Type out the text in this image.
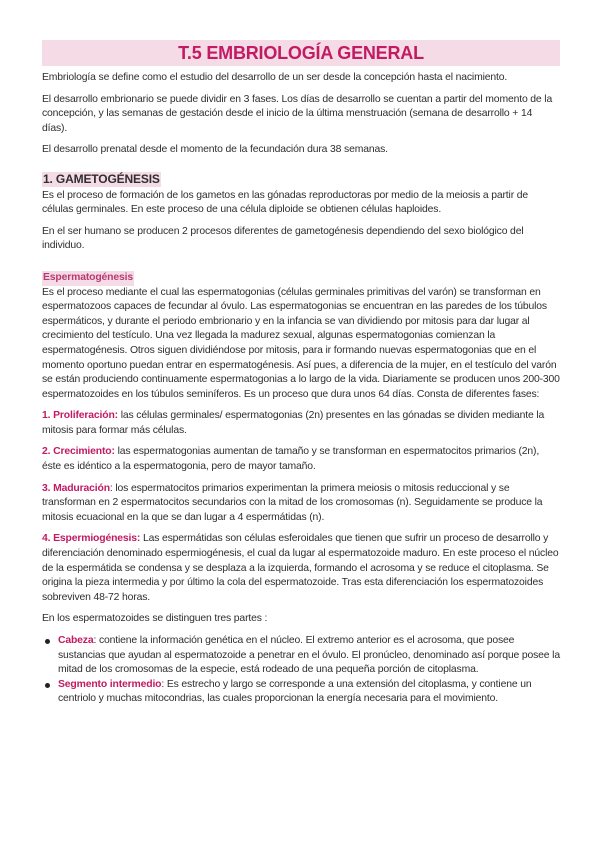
T.5 EMBRIOLOGÍA GENERAL

Embriología se define como el estudio del desarrollo de un ser desde la concepción hasta el nacimiento.

El desarrollo embrionario se puede dividir en 3 fases. Los días de desarrollo se cuentan a partir del momento de la concepción, y las semanas de gestación desde el inicio de la última menstruación (semana de desarrollo + 14 días).

El desarrollo prenatal desde el momento de la fecundación dura 38 semanas.

1. GAMETOGÉNESIS

Es el proceso de formación de los gametos en las gónadas reproductoras por medio de la meiosis a partir de células germinales. En este proceso de una célula diploide se obtienen células haploides.

En el ser humano se producen 2 procesos diferentes de gametogénesis dependiendo del sexo biológico del individuo.

Espermatogénesis

Es el proceso mediante el cual las espermatogonias (células germinales primitivas del varón) se transforman en espermatozoos capaces de fecundar al óvulo. Las espermatogonias se encuentran en las paredes de los túbulos espermáticos, y durante el periodo embrionario y en la infancia se van dividiendo por mitosis para dar lugar al crecimiento del testículo. Una vez llegada la madurez sexual, algunas espermatogonias comienzan la espermatogénesis. Otros siguen dividiéndose por mitosis, para ir formando nuevas espermatogonias que en el momento oportuno puedan entrar en espermatogénesis. Así pues, a diferencia de la mujer, en el testículo del varón se están produciendo continuamente espermatogonias a lo largo de la vida. Diariamente se producen unos 200-300 espermatozoides en los túbulos seminíferos. Es un proceso que dura unos 64 días. Consta de diferentes fases:

1. Proliferación: las células germinales/ espermatogonias (2n) presentes en las gónadas se dividen mediante la mitosis para formar más células.

2. Crecimiento: las espermatogonias aumentan de tamaño y se transforman en espermatocitos primarios (2n), éste es idéntico a la espermatogonia, pero de mayor tamaño.

3. Maduración: los espermatocitos primarios experimentan la primera meiosis o mitosis reduccional y se transforman en 2 espermatocitos secundarios con la mitad de los cromosomas (n). Seguidamente se produce la mitosis ecuacional en la que se dan lugar a 4 espermátidas (n).

4. Espermiogénesis: Las espermátidas son células esferoidales que tienen que sufrir un proceso de desarrollo y diferenciación denominado espermiogénesis, el cual da lugar al espermatozoide maduro. En este proceso el núcleo de la espermátida se condensa y se desplaza a la izquierda, formando el acrosoma y se reduce el citoplasma. Se origina la pieza intermedia y por último la cola del espermatozoide. Tras esta diferenciación los espermatozoides sobreviven 48-72 horas.

En los espermatozoides se distinguen tres partes :

Cabeza: contiene la información genética en el núcleo. El extremo anterior es el acrosoma, que posee sustancias que ayudan al espermatozoide a penetrar en el óvulo. El pronúcleo, denominado así porque posee la mitad de los cromosomas de la especie, está rodeado de una pequeña porción de citoplasma.
Segmento intermedio: Es estrecho y largo se corresponde a una extensión del citoplasma, y contiene un centriolo y muchas mitocondrias, las cuales proporcionan la energía necesaria para el movimiento.
